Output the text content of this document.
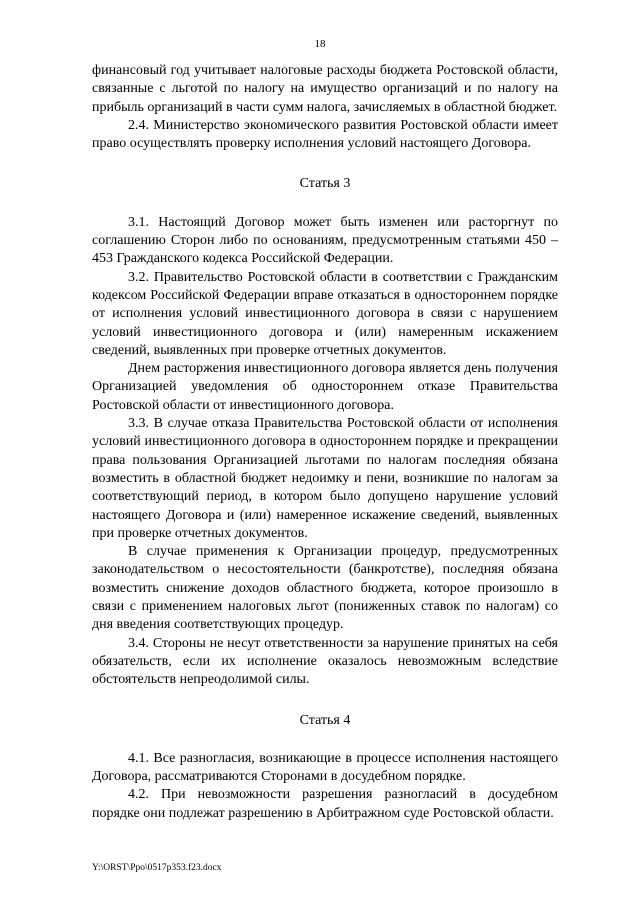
18

финансовый год учитывает налоговые расходы бюджета Ростовской области, связанные с льготой по налогу на имущество организаций и по налогу на прибыль организаций в части сумм налога, зачисляемых в областной бюджет.

2.4. Министерство экономического развития Ростовской области имеет право осуществлять проверку исполнения условий настоящего Договора.

Статья 3

3.1. Настоящий Договор может быть изменен или расторгнут по соглашению Сторон либо по основаниям, предусмотренным статьями 450 – 453 Гражданского кодекса Российской Федерации.

3.2. Правительство Ростовской области в соответствии с Гражданским кодексом Российской Федерации вправе отказаться в одностороннем порядке от исполнения условий инвестиционного договора в связи с нарушением условий инвестиционного договора и (или) намеренным искажением сведений, выявленных при проверке отчетных документов.

Днем расторжения инвестиционного договора является день получения Организацией уведомления об одностороннем отказе Правительства Ростовской области от инвестиционного договора.

3.3. В случае отказа Правительства Ростовской области от исполнения условий инвестиционного договора в одностороннем порядке и прекращении права пользования Организацией льготами по налогам последняя обязана возместить в областной бюджет недоимку и пени, возникшие по налогам за соответствующий период, в котором было допущено нарушение условий настоящего Договора и (или) намеренное искажение сведений, выявленных при проверке отчетных документов.

В случае применения к Организации процедур, предусмотренных законодательством о несостоятельности (банкротстве), последняя обязана возместить снижение доходов областного бюджета, которое произошло в связи с применением налоговых льгот (пониженных ставок по налогам) со дня введения соответствующих процедур.

3.4. Стороны не несут ответственности за нарушение принятых на себя обязательств, если их исполнение оказалось невозможным вследствие обстоятельств непреодолимой силы.

Статья 4

4.1. Все разногласия, возникающие в процессе исполнения настоящего Договора, рассматриваются Сторонами в досудебном порядке.

4.2. При невозможности разрешения разногласий в досудебном порядке они подлежат разрешению в Арбитражном суде Ростовской области.

Y:\ORST\Ppo\0517p353.f23.docx
